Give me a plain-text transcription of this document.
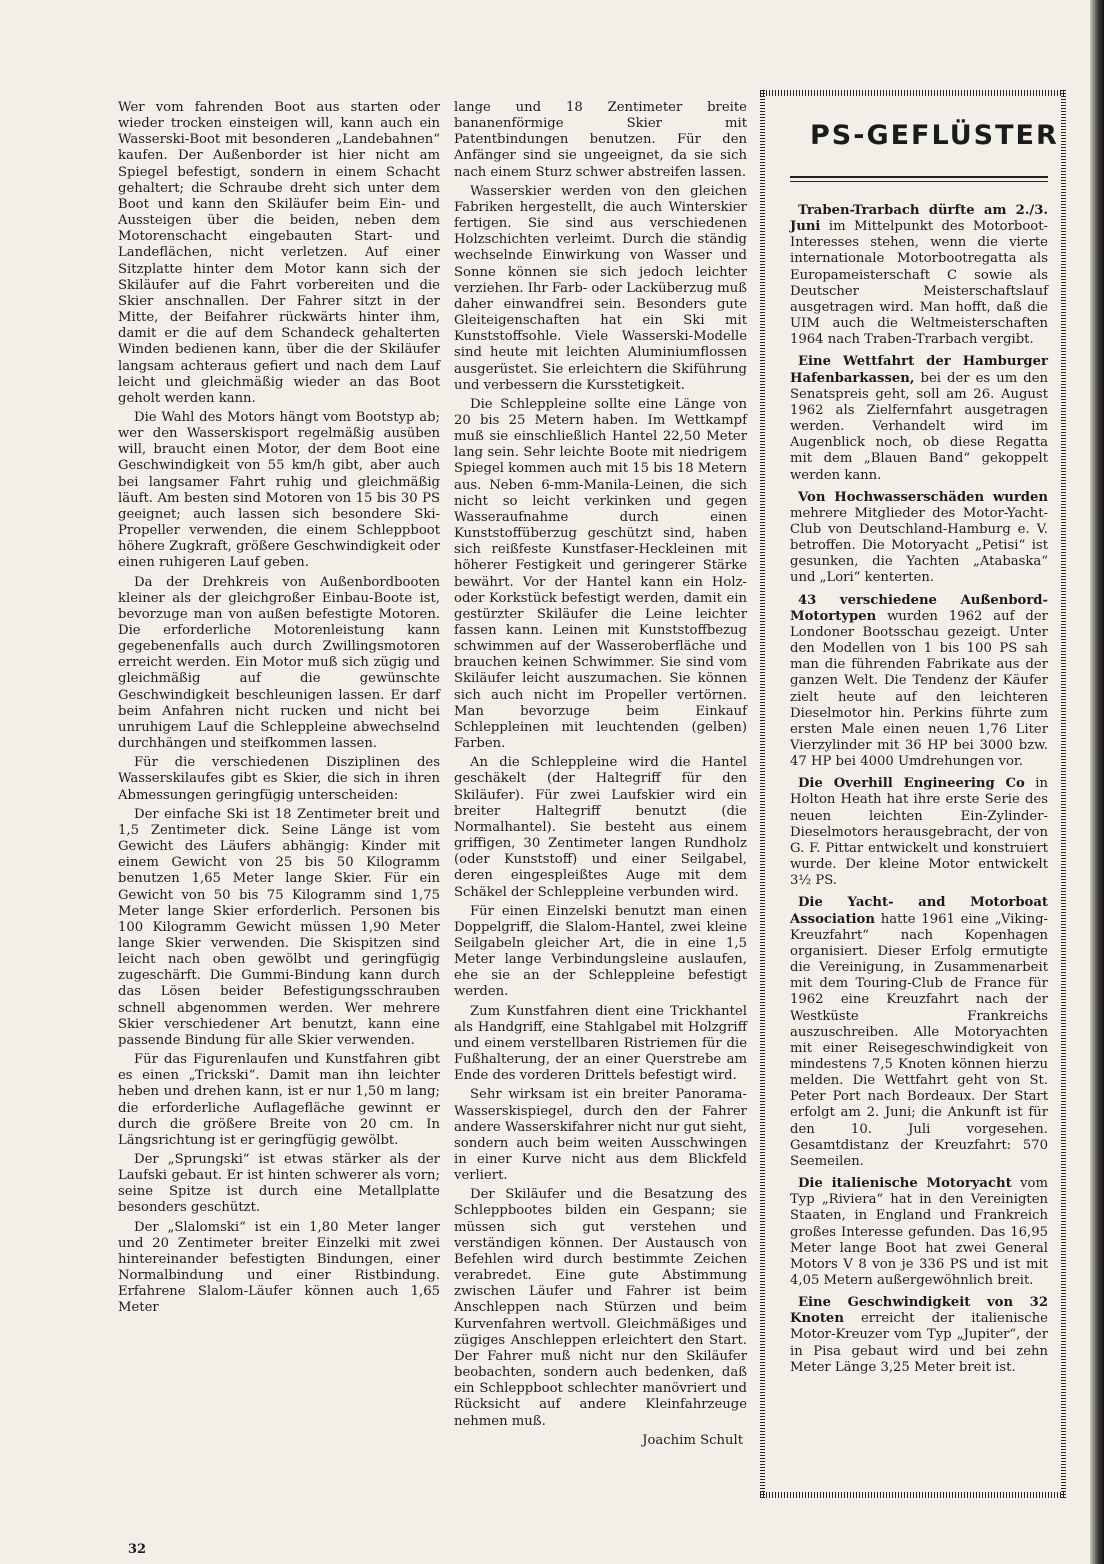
Wer vom fahrenden Boot aus starten oder wieder trocken einsteigen will, kann auch ein Wasserski-Boot mit besonderen „Landebahnen“ kaufen. Der Außenborder ist hier nicht am Spiegel befestigt, sondern in einem Schacht gehaltert; die Schraube dreht sich unter dem Boot und kann den Skiläufer beim Ein- und Aussteigen über die beiden, neben dem Motorenschacht eingebauten Start- und Landeflächen, nicht verletzen. Auf einer Sitzplatte hinter dem Motor kann sich der Skiläufer auf die Fahrt vorbereiten und die Skier anschnallen. Der Fahrer sitzt in der Mitte, der Beifahrer rückwärts hinter ihm, damit er die auf dem Schandeck gehalterten Winden bedienen kann, über die der Skiläufer langsam achteraus gefiert und nach dem Lauf leicht und gleichmäßig wieder an das Boot geholt werden kann.

Die Wahl des Motors hängt vom Bootstyp ab; wer den Wasserskisport regelmäßig ausüben will, braucht einen Motor, der dem Boot eine Geschwindigkeit von 55 km/h gibt, aber auch bei langsamer Fahrt ruhig und gleichmäßig läuft. Am besten sind Motoren von 15 bis 30 PS geeignet; auch lassen sich besondere Ski-Propeller verwenden, die einem Schleppboot höhere Zugkraft, größere Geschwindigkeit oder einen ruhigeren Lauf geben.

Da der Drehkreis von Außenbordbooten kleiner als der gleichgroßer Einbau-Boote ist, bevorzuge man von außen befestigte Motoren. Die erforderliche Motorenleistung kann gegebenenfalls auch durch Zwillingsmotoren erreicht werden. Ein Motor muß sich zügig und gleichmäßig auf die gewünschte Geschwindigkeit beschleunigen lassen. Er darf beim Anfahren nicht rucken und nicht bei unruhigem Lauf die Schleppleine abwechselnd durchhängen und steifkommen lassen.

Für die verschiedenen Disziplinen des Wasserskilaufes gibt es Skier, die sich in ihren Abmessungen geringfügig unterscheiden:

Der einfache Ski ist 18 Zentimeter breit und 1,5 Zentimeter dick. Seine Länge ist vom Gewicht des Läufers abhängig: Kinder mit einem Gewicht von 25 bis 50 Kilogramm benutzen 1,65 Meter lange Skier. Für ein Gewicht von 50 bis 75 Kilogramm sind 1,75 Meter lange Skier erforderlich. Personen bis 100 Kilogramm Gewicht müssen 1,90 Meter lange Skier verwenden. Die Skispitzen sind leicht nach oben gewölbt und geringfügig zugeschärft. Die Gummi-Bindung kann durch das Lösen beider Befestigungsschrauben schnell abgenommen werden. Wer mehrere Skier verschiedener Art benutzt, kann eine passende Bindung für alle Skier verwenden.

Für das Figurenlaufen und Kunstfahren gibt es einen „Trickski“. Damit man ihn leichter heben und drehen kann, ist er nur 1,50 m lang; die erforderliche Auflagefläche gewinnt er durch die größere Breite von 20 cm. In Längsrichtung ist er geringfügig gewölbt.

Der „Sprungski“ ist etwas stärker als der Laufski gebaut. Er ist hinten schwerer als vorn; seine Spitze ist durch eine Metallplatte besonders geschützt.

Der „Slalomski“ ist ein 1,80 Meter langer und 20 Zentimeter breiter Einzelki mit zwei hintereinander befestigten Bindungen, einer Normalbindung und einer Ristbindung. Erfahrene Slalom-Läufer können auch 1,65 Meter

lange und 18 Zentimeter breite bananenförmige Skier mit Patentbindungen benutzen. Für den Anfänger sind sie ungeeignet, da sie sich nach einem Sturz schwer abstreifen lassen.

Wasserskier werden von den gleichen Fabriken hergestellt, die auch Winterskier fertigen. Sie sind aus verschiedenen Holzschichten verleimt. Durch die ständig wechselnde Einwirkung von Wasser und Sonne können sie sich jedoch leichter verziehen. Ihr Farb- oder Lacküberzug muß daher einwandfrei sein. Besonders gute Gleiteigenschaften hat ein Ski mit Kunststoffsohle. Viele Wasserski-Modelle sind heute mit leichten Aluminiumflossen ausgerüstet. Sie erleichtern die Skiführung und verbessern die Kursstetigkeit.

Die Schleppleine sollte eine Länge von 20 bis 25 Metern haben. Im Wettkampf muß sie einschließlich Hantel 22,50 Meter lang sein. Sehr leichte Boote mit niedrigem Spiegel kommen auch mit 15 bis 18 Metern aus. Neben 6-mm-Manila-Leinen, die sich nicht so leicht verkinken und gegen Wasseraufnahme durch einen Kunststoffüberzug geschützt sind, haben sich reißfeste Kunstfaser-Heckleinen mit höherer Festigkeit und geringerer Stärke bewährt. Vor der Hantel kann ein Holz- oder Korkstück befestigt werden, damit ein gestürzter Skiläufer die Leine leichter fassen kann. Leinen mit Kunststoffbezug schwimmen auf der Wasseroberfläche und brauchen keinen Schwimmer. Sie sind vom Skiläufer leicht auszumachen. Sie können sich auch nicht im Propeller vertörnen. Man bevorzuge beim Einkauf Schleppleinen mit leuchtenden (gelben) Farben.

An die Schleppleine wird die Hantel geschäkelt (der Haltegriff für den Skiläufer). Für zwei Laufskier wird ein breiter Haltegriff benutzt (die Normalhantel). Sie besteht aus einem griffigen, 30 Zentimeter langen Rundholz (oder Kunststoff) und einer Seilgabel, deren eingespleißtes Auge mit dem Schäkel der Schleppleine verbunden wird.

Für einen Einzelski benutzt man einen Doppelgriff, die Slalom-Hantel, zwei kleine Seilgabeln gleicher Art, die in eine 1,5 Meter lange Verbindungsleine auslaufen, ehe sie an der Schleppleine befestigt werden.

Zum Kunstfahren dient eine Trickhantel als Handgriff, eine Stahlgabel mit Holzgriff und einem verstellbaren Ristriemen für die Fußhalterung, der an einer Querstrebe am Ende des vorderen Drittels befestigt wird.

Sehr wirksam ist ein breiter Panorama-Wasserskispiegel, durch den der Fahrer andere Wasserskifahrer nicht nur gut sieht, sondern auch beim weiten Ausschwingen in einer Kurve nicht aus dem Blickfeld verliert.

Der Skiläufer und die Besatzung des Schleppbootes bilden ein Gespann; sie müssen sich gut verstehen und verständigen können. Der Austausch von Befehlen wird durch bestimmte Zeichen verabredet. Eine gute Abstimmung zwischen Läufer und Fahrer ist beim Anschleppen nach Stürzen und beim Kurvenfahren wertvoll. Gleichmäßiges und zügiges Anschleppen erleichtert den Start. Der Fahrer muß nicht nur den Skiläufer beobachten, sondern auch bedenken, daß ein Schleppboot schlechter manövriert und Rücksicht auf andere Kleinfahrzeuge nehmen muß.

Joachim Schult
PS-GEFLÜSTER

Traben-Trarbach dürfte am 2./3. Juni im Mittelpunkt des Motorboot-Interesses stehen, wenn die vierte internationale Motorbootregatta als Europameisterschaft C sowie als Deutscher Meisterschaftslauf ausgetragen wird. Man hofft, daß die UIM auch die Weltmeisterschaften 1964 nach Traben-Trarbach vergibt.

Eine Wettfahrt der Hamburger Hafenbarkassen, bei der es um den Senatspreis geht, soll am 26. August 1962 als Zielfernfahrt ausgetragen werden. Verhandelt wird im Augenblick noch, ob diese Regatta mit dem „Blauen Band“ gekoppelt werden kann.

Von Hochwasserschäden wurden mehrere Mitglieder des Motor-Yacht-Club von Deutschland-Hamburg e. V. betroffen. Die Motoryacht „Petisi“ ist gesunken, die Yachten „Atabaska“ und „Lori“ kenterten.

43 verschiedene Außenbord-Motortypen wurden 1962 auf der Londoner Bootsschau gezeigt. Unter den Modellen von 1 bis 100 PS sah man die führenden Fabrikate aus der ganzen Welt. Die Tendenz der Käufer zielt heute auf den leichteren Dieselmotor hin. Perkins führte zum ersten Male einen neuen 1,76 Liter Vierzylinder mit 36 HP bei 3000 bzw. 47 HP bei 4000 Umdrehungen vor.

Die Overhill Engineering Co in Holton Heath hat ihre erste Serie des neuen leichten Ein-Zylinder-Dieselmotors herausgebracht, der von G. F. Pittar entwickelt und konstruiert wurde. Der kleine Motor entwickelt 3½ PS.

Die Yacht- and Motorboat Association hatte 1961 eine „Viking-Kreuzfahrt“ nach Kopenhagen organisiert. Dieser Erfolg ermutigte die Vereinigung, in Zusammenarbeit mit dem Touring-Club de France für 1962 eine Kreuzfahrt nach der Westküste Frankreichs auszuschreiben. Alle Motoryachten mit einer Reisegeschwindigkeit von mindestens 7,5 Knoten können hierzu melden. Die Wettfahrt geht von St. Peter Port nach Bordeaux. Der Start erfolgt am 2. Juni; die Ankunft ist für den 10. Juli vorgesehen. Gesamtdistanz der Kreuzfahrt: 570 Seemeilen.

Die italienische Motoryacht vom Typ „Riviera“ hat in den Vereinigten Staaten, in England und Frankreich großes Interesse gefunden. Das 16,95 Meter lange Boot hat zwei General Motors V 8 von je 336 PS und ist mit 4,05 Metern außergewöhnlich breit.

Eine Geschwindigkeit von 32 Knoten erreicht der italienische Motor-Kreuzer vom Typ „Jupiter“, der in Pisa gebaut wird und bei zehn Meter Länge 3,25 Meter breit ist.

32
